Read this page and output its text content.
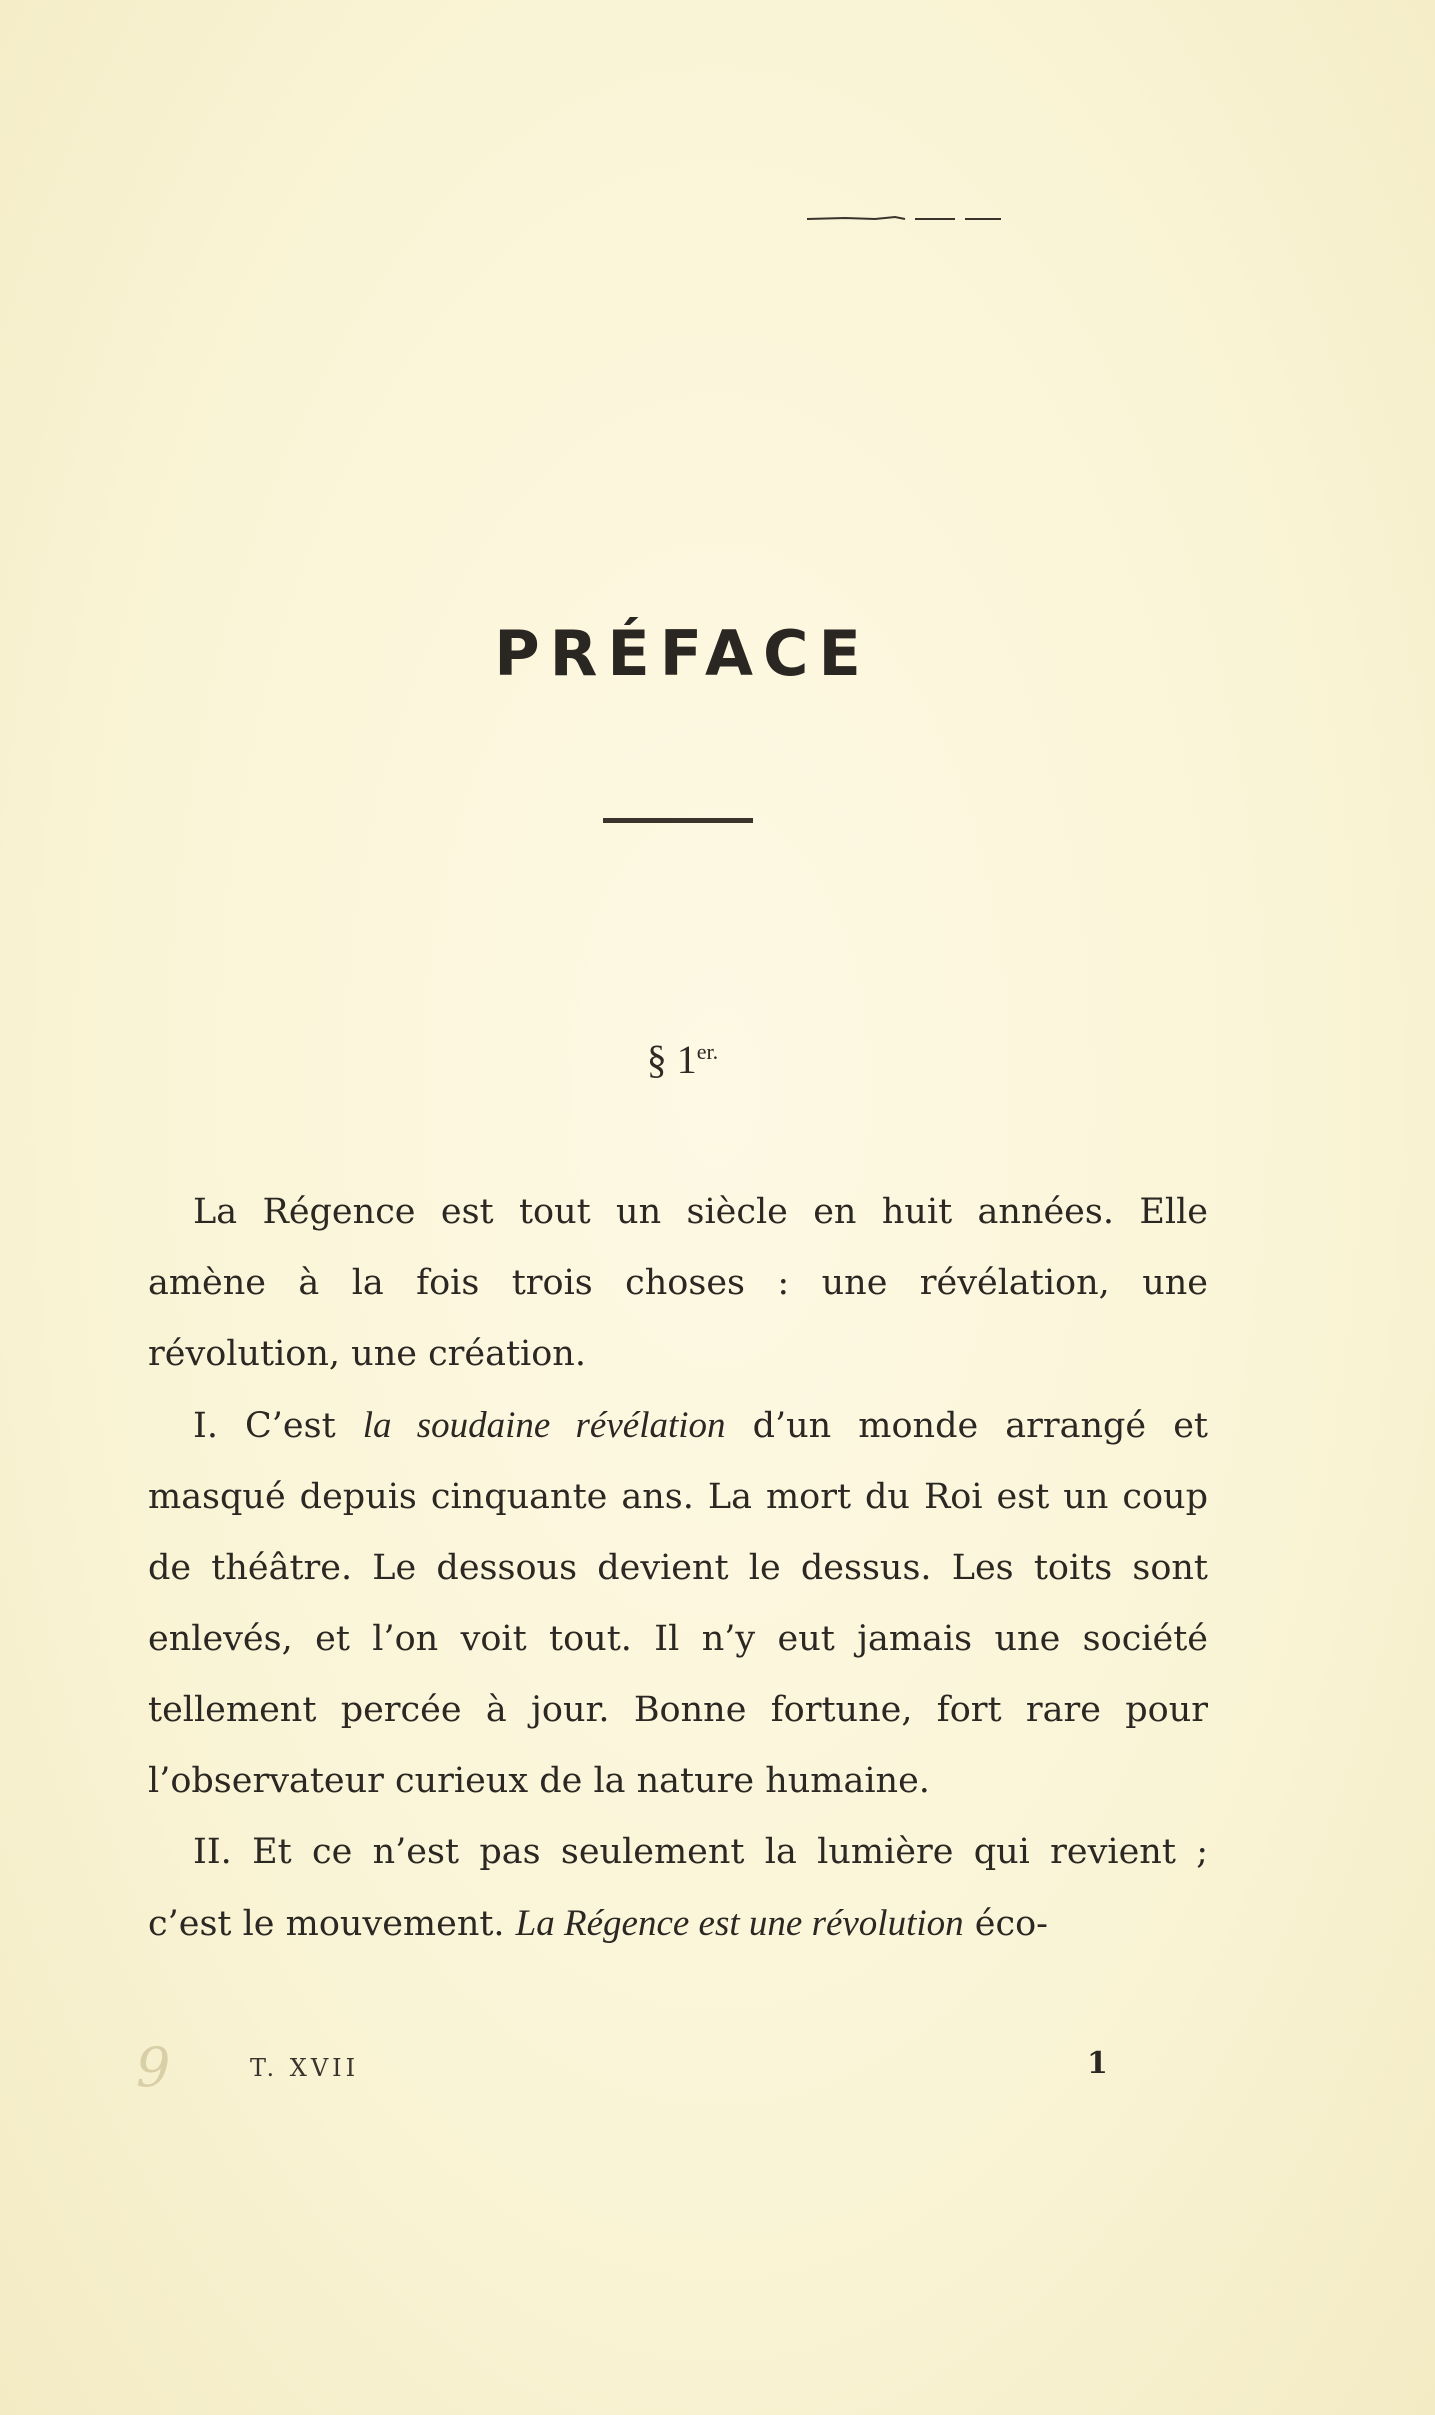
PRÉFACE
§ $1^{er.}$

La Régence est tout un siècle en huit années. Elle amène à la fois trois choses : une révélation, une révolution, une création.

I. C’est la soudaine révélation d’un monde arrangé et masqué depuis cinquante ans. La mort du Roi est un coup de théâtre. Le dessous devient le dessus. Les toits sont enlevés, et l’on voit tout. Il n’y eut jamais une société tellement percée à jour. Bonne fortune, fort rare pour l’observateur curieux de la nature humaine.

II. Et ce n’est pas seulement la lumière qui revient ; c’est le mouvement. La Régence est une révolution éco-

9	T. XVII	1
